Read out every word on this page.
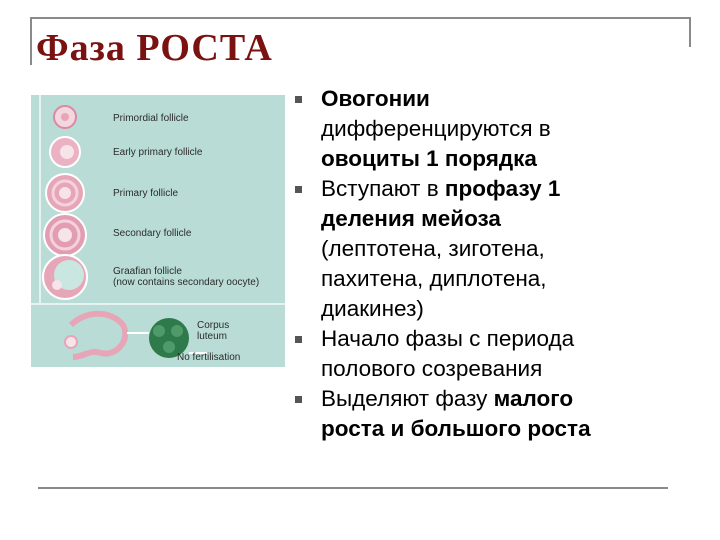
Фаза РОСТА
Primordial follicle
Early primary follicle
Primary follicle
Secondary follicle
Graafian follicle
(now contains secondary oocyte)
Corpus
luteum
No fertilisation
Овогонии
дифференцируются в
овоциты 1 порядка
Вступают в профазу 1
деления мейоза
(лептотена, зиготена,
пахитена, диплотена,
диакинез)
Начало фазы с периода
полового созревания
Выделяют фазу малого
роста и большого роста
